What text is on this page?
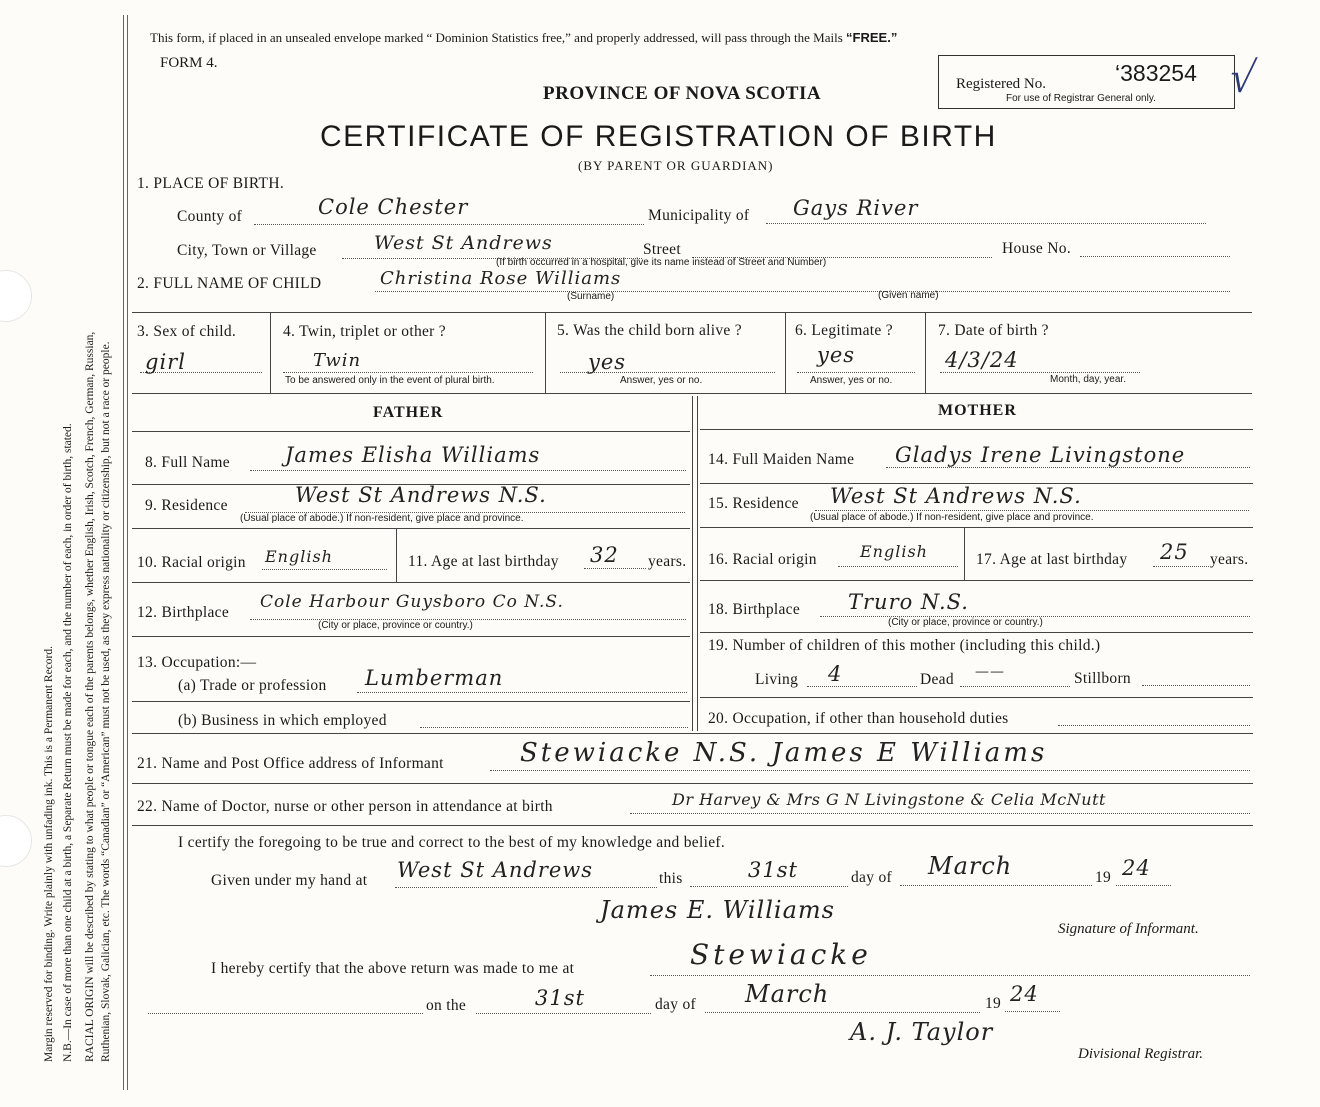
Margin reserved for binding. Write plainly with unfading ink. This is a Permanent Record. N.B.—In case of more than one child at a birth, a Separate Return must be made for each, and the number of each, in order of birth, stated. RACIAL ORIGIN will be described by stating to what people or tongue each of the parents belongs, whether English, Irish, Scotch, French, German, Russian, Ruthenian, Slovak, Galician, etc. The words “Canadian” or “American” must not be used, as they express nationality or citizenship, but not a race or people.
This form, if placed in an unsealed envelope marked “ Dominion Statistics free,” and properly addressed, will pass through the Mails “FREE.”
FORM 4.
PROVINCE OF NOVA SCOTIA
CERTIFICATE OF REGISTRATION OF BIRTH
(BY PARENT OR GUARDIAN)
Registered No.	‘383254 √
For use of Registrar General only.
1. PLACE OF BIRTH.
County of	Cole Chester	Municipality of Gays River
City, Town or Village	West St Andrews	Street
(If birth occurred in a hospital, give its name instead of Street and Number)
House No.
2. FULL NAME OF CHILD	Christina Rose Williams
(Surname)	(Given name)
3. Sex of child.
girl
4. Twin, triplet or other ?
Twin
To be answered only in the event of plural birth.
5. Was the child born alive ?
yes
Answer, yes or no.
6. Legitimate ?
yes
Answer, yes or no.
7. Date of birth ?
4/3/24
Month, day, year.
FATHER
8. Full Name	James Elisha Williams
9. Residence	West St Andrews N.S.
(Usual place of abode.) If non-resident, give place and province.
10. Racial origin English	11. Age at last birthday 32 years.
12. Birthplace
Cole Harbour Guysboro Co N.S.
(City or place, province or country.)
13. Occupation:—
(a) Trade or profession Lumberman
(b) Business in which employed
MOTHER
14. Full Maiden Name Gladys Irene Livingstone
15. Residence West St Andrews N.S.
(Usual place of abode.) If non-resident, give place and province.
16. Racial origin	English	17. Age at last birthday 25 years.
18. Birthplace Truro N.S.
(City or place, province or country.)
19. Number of children of this mother (including this child.)
Living 4	Dead ——	Stillborn
20. Occupation, if other than household duties
21. Name and Post Office address of Informant	Stewiacke N.S. James E Williams
22. Name of Doctor, nurse or other person in attendance at birth	Dr Harvey & Mrs G N Livingstone & Celia McNutt
I certify the foregoing to be true and correct to the best of my knowledge and belief.
Given under my hand at West St Andrews	this	31st	day of March	19 24
James E. Williams
Signature of Informant.
I hereby certify that the above return was made to me at	Stewiacke
on the	31st	day of March	19 24
A. J. Taylor
Divisional Registrar.
